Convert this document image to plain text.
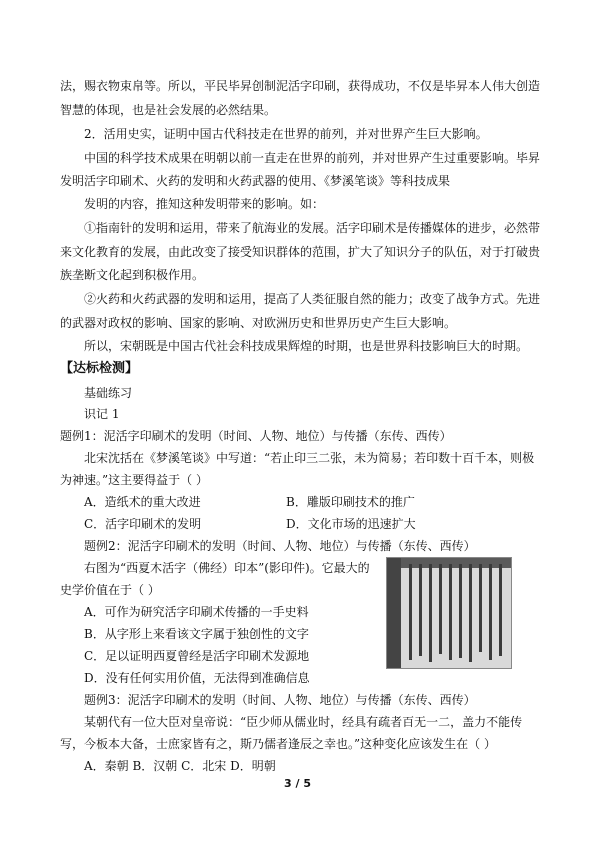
法，赐衣物束帛等。所以，平民毕昇创制泥活字印刷，获得成功，不仅是毕昇本人伟大创造
智慧的体现，也是社会发展的必然结果。
2．活用史实，证明中国古代科技走在世界的前列，并对世界产生巨大影响。
中国的科学技术成果在明朝以前一直走在世界的前列，并对世界产生过重要影响。毕昇
发明活字印刷术、火药的发明和火药武器的使用、《梦溪笔谈》等科技成果
发明的内容，推知这种发明带来的影响。如：
①指南针的发明和运用，带来了航海业的发展。活字印刷术是传播媒体的进步，必然带
来文化教育的发展，由此改变了接受知识群体的范围，扩大了知识分子的队伍，对于打破贵
族垄断文化起到积极作用。
②火药和火药武器的发明和运用，提高了人类征服自然的能力；改变了战争方式。先进
的武器对政权的影响、国家的影响、对欧洲历史和世界历史产生巨大影响。
【达标检测】
基础练习
识记 1
题例1：泥活字印刷术的发明（时间、人物、地位）与传播（东传、西传）
北宋沈括在《梦溪笔谈》中写道：“若止印三二张，未为简易；若印数十百千本，则极
为神速。”这主要得益于（ ）
A．造纸术的重大改进	B．雕版印刷技术的推广
C．活字印刷术的发明	D．文化市场的迅速扩大
题例2：泥活字印刷术的发明（时间、人物、地位）与传播（东传、西传）
右图为“西夏木活字（佛经）印本”(影印件)。它最大的
史学价值在于（ ）
A．可作为研究活字印刷术传播的一手史料
B．从字形上来看该文字属于独创性的文字
C．足以证明西夏曾经是活字印刷术发源地
D．没有任何实用价值，无法得到准确信息
题例3：泥活字印刷术的发明（时间、人物、地位）与传播（东传、西传）
某朝代有一位大臣对皇帝说：“臣少师从儒业时，经具有疏者百无一二，盖力不能传
3 / 5
所以，宋朝既是中国古代社会科技成果辉煌的时期，也是世界科技影响巨大的时期。
写，今板本大备，士庶家皆有之，斯乃儒者逢辰之幸也。”这种变化应该发生在（ ）
A．秦朝 B．汉朝 C．北宋 D．明朝
